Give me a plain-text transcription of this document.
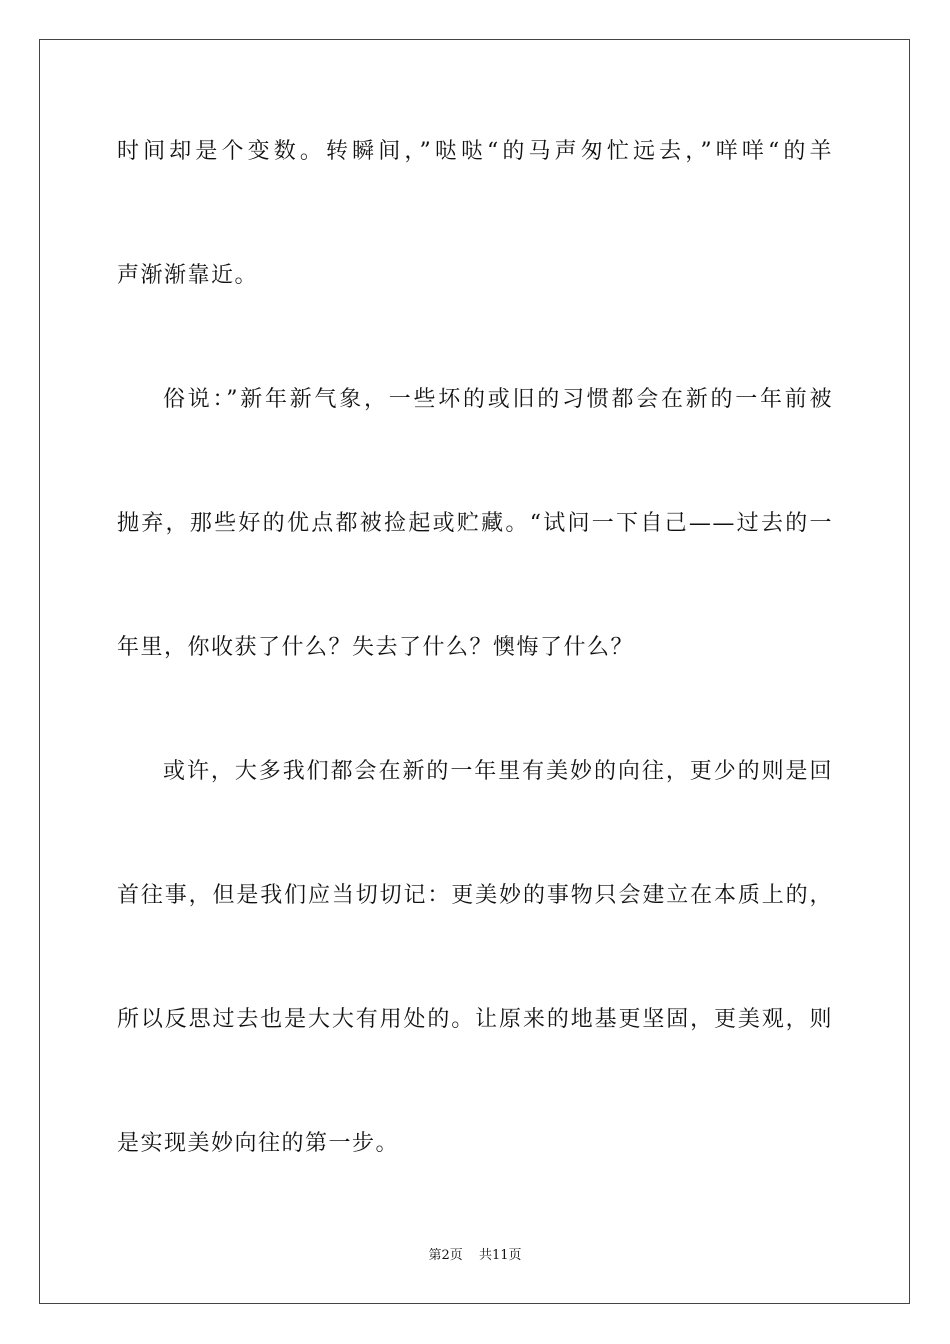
时间却是个变数。转瞬间，”哒哒“的马声匆忙远去，”咩咩“的羊
声渐渐靠近。
俗说：”新年新气象，一些坏的或旧的习惯都会在新的一年前被
抛弃，那些好的优点都被捡起或贮藏。“试问一下自己——过去的一
年里，你收获了什么？失去了什么？懊悔了什么？
或许，大多我们都会在新的一年里有美妙的向往，更少的则是回
首往事，但是我们应当切切记：更美妙的事物只会建立在本质上的，
所以反思过去也是大大有用处的。让原来的地基更坚固，更美观，则
是实现美妙向往的第一步。
第2页 共11页
